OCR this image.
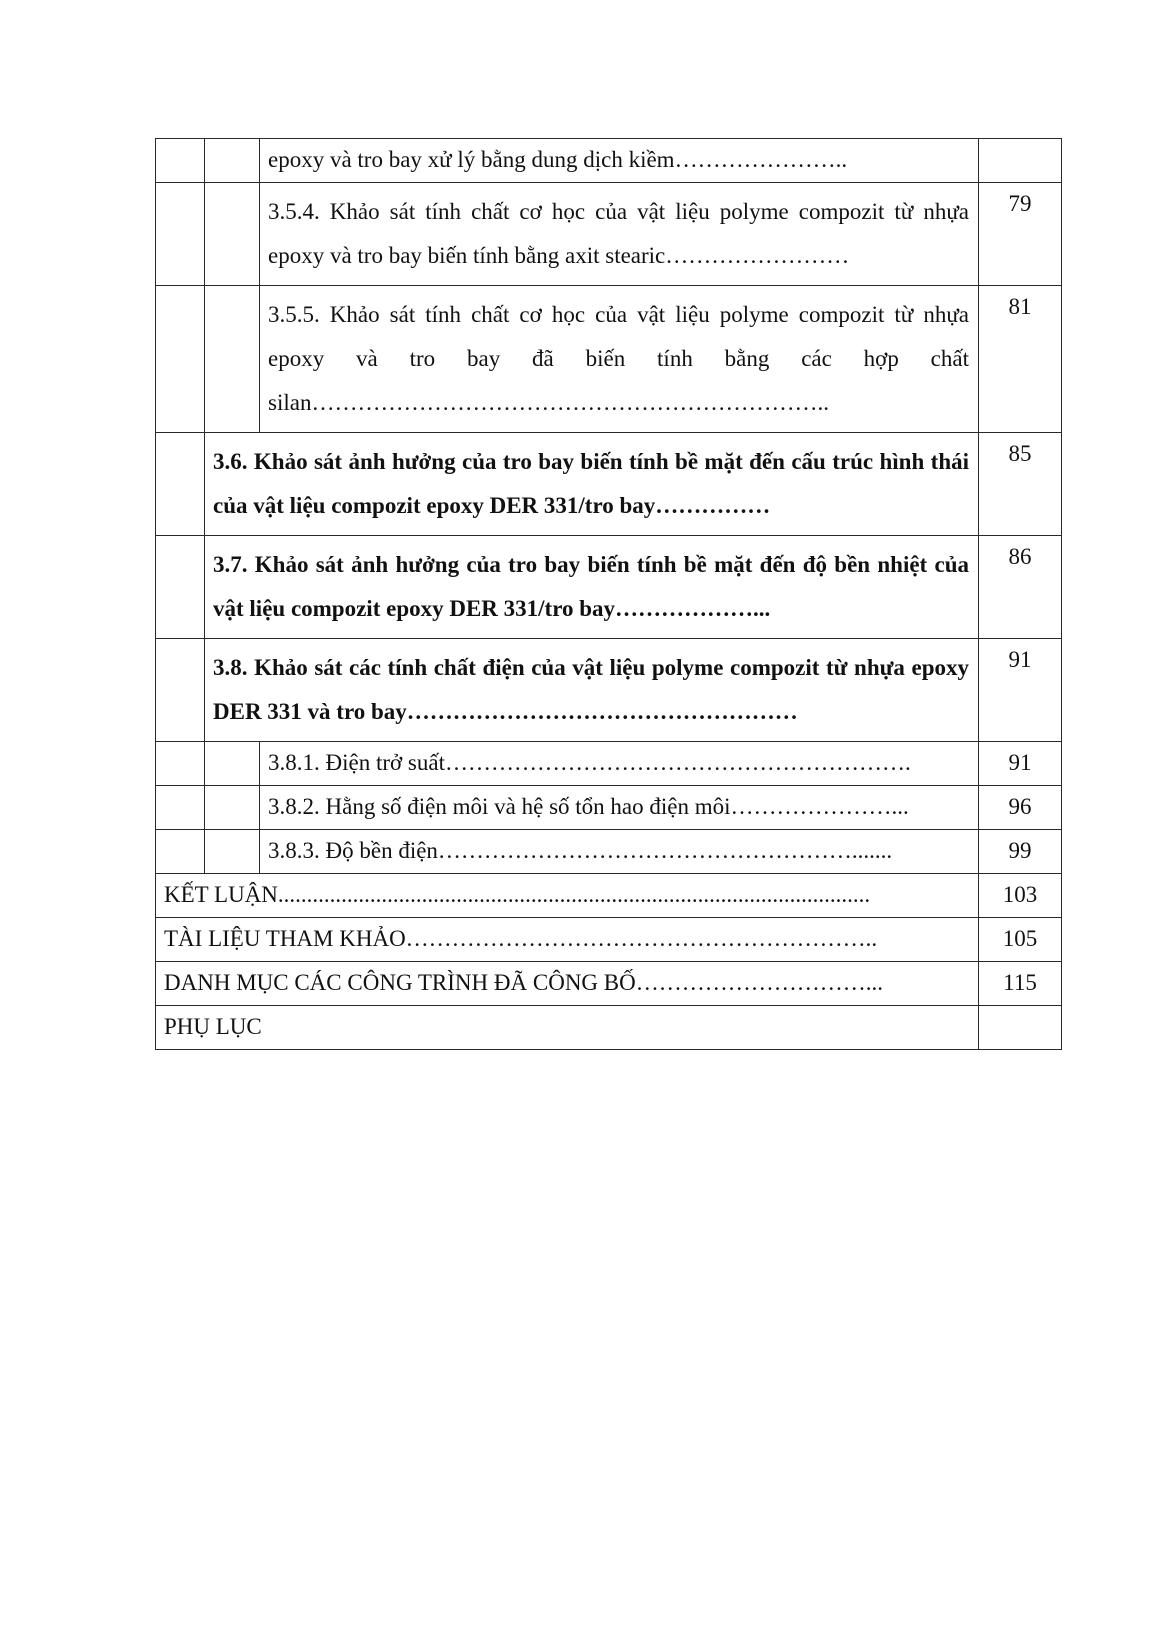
		epoxy và tro bay xử lý bằng dung dịch kiềm…………………..	
		3.5.4. Khảo sát tính chất cơ học của vật liệu polyme compozit từ nhựa epoxy và tro bay biến tính bằng axit stearic……………………	79
		3.5.5. Khảo sát tính chất cơ học của vật liệu polyme compozit từ nhựa epoxy và tro bay đã biến tính bằng các hợp chất silan…………………………………………………………..	81
	3.6. Khảo sát ảnh hưởng của tro bay biến tính bề mặt đến cấu trúc hình thái của vật liệu compozit epoxy DER 331/tro bay……………		85
	3.7. Khảo sát ảnh hưởng của tro bay biến tính bề mặt đến độ bền nhiệt của vật liệu compozit epoxy DER 331/tro bay………………...		86
	3.8. Khảo sát các tính chất điện của vật liệu polyme compozit từ nhựa epoxy DER 331 và tro bay……………………………………………		91
		3.8.1. Điện trở suất…………………………………………………….	91
		3.8.2. Hằng số điện môi và hệ số tổn hao điện môi…………………...	96
		3.8.3. Độ bền điện……………………………………………….......	99
KẾT LUẬN.......................................................................................................			103
TÀI LIỆU THAM KHẢO……………………………………………………..			105
DANH MỤC CÁC CÔNG TRÌNH ĐÃ CÔNG BỐ…………………………...			115
PHỤ LỤC			
